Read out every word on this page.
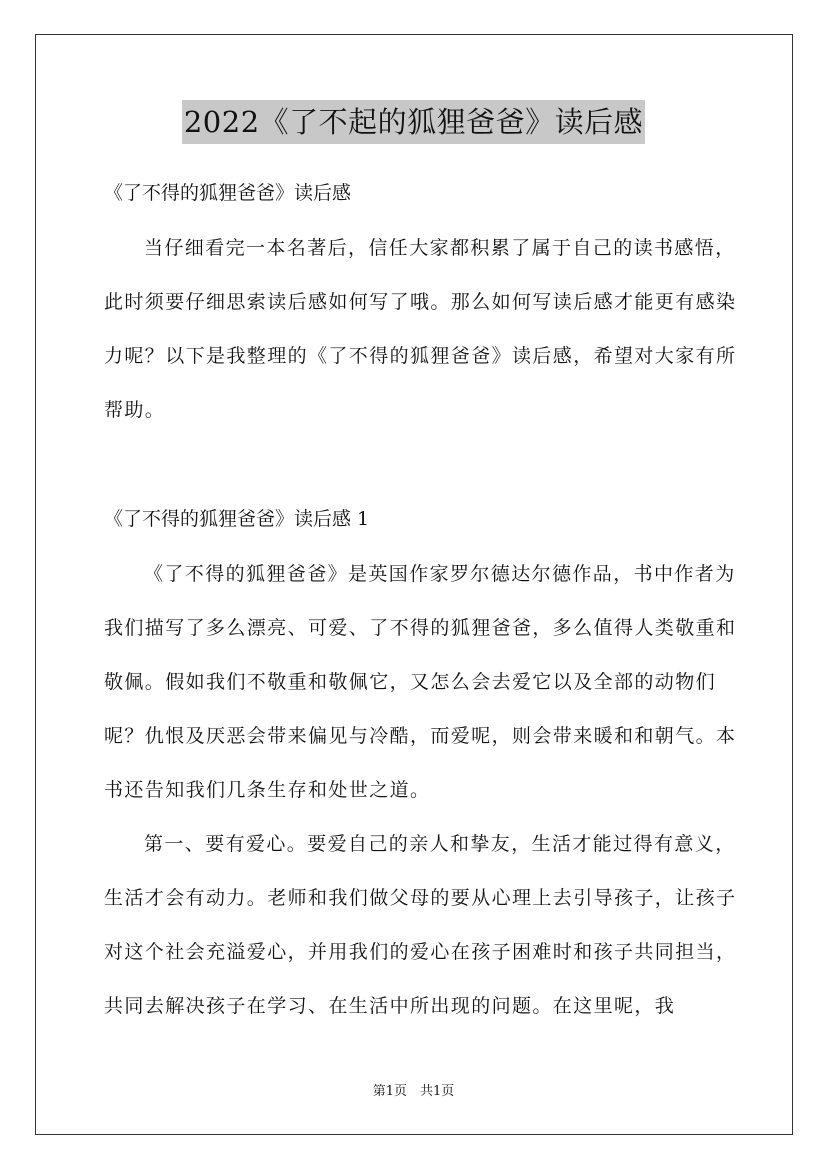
2022《了不起的狐狸爸爸》读后感
《了不得的狐狸爸爸》读后感

当仔细看完一本名著后，信任大家都积累了属于自己的读书感悟，此时须要仔细思索读后感如何写了哦。那么如何写读后感才能更有感染力呢？以下是我整理的《了不得的狐狸爸爸》读后感，希望对大家有所帮助。

《了不得的狐狸爸爸》读后感 1

《了不得的狐狸爸爸》是英国作家罗尔德达尔德作品，书中作者为我们描写了多么漂亮、可爱、了不得的狐狸爸爸，多么值得人类敬重和敬佩。假如我们不敬重和敬佩它，又怎么会去爱它以及全部的动物们呢？仇恨及厌恶会带来偏见与冷酷，而爱呢，则会带来暖和和朝气。本书还告知我们几条生存和处世之道。

第一、要有爱心。要爱自己的亲人和挚友，生活才能过得有意义，生活才会有动力。老师和我们做父母的要从心理上去引导孩子，让孩子对这个社会充溢爱心，并用我们的爱心在孩子困难时和孩子共同担当，共同去解决孩子在学习、在生活中所出现的问题。在这里呢，我

第1页　共1页
